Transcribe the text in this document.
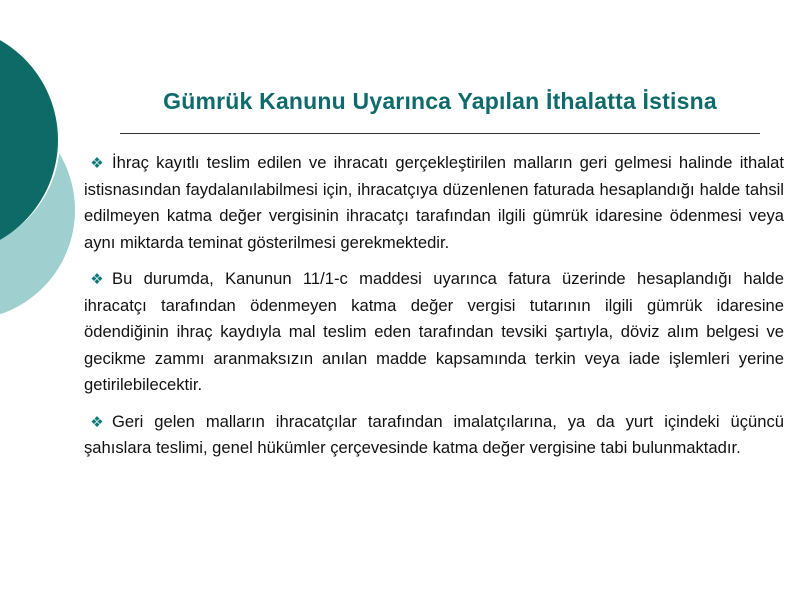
Gümrük Kanunu Uyarınca Yapılan İthalatta İstisna

❖ İhraç kayıtlı teslim edilen ve ihracatı gerçekleştirilen malların geri gelmesi halinde ithalat istisnasından faydalanılabilmesi için, ihracatçıya düzenlenen faturada hesaplandığı halde tahsil edilmeyen katma değer vergisinin ihracatçı tarafından ilgili gümrük idaresine ödenmesi veya aynı miktarda teminat gösterilmesi gerekmektedir.

❖ Bu durumda, Kanunun 11/1-c maddesi uyarınca fatura üzerinde hesaplandığı halde ihracatçı tarafından ödenmeyen katma değer vergisi tutarının ilgili gümrük idaresine ödendiğinin ihraç kaydıyla mal teslim eden tarafından tevsiki şartıyla, döviz alım belgesi ve gecikme zammı aranmaksızın anılan madde kapsamında terkin veya iade işlemleri yerine getirilebilecektir.

❖ Geri gelen malların ihracatçılar tarafından imalatçılarına, ya da yurt içindeki üçüncü şahıslara teslimi, genel hükümler çerçevesinde katma değer vergisine tabi bulunmaktadır.
